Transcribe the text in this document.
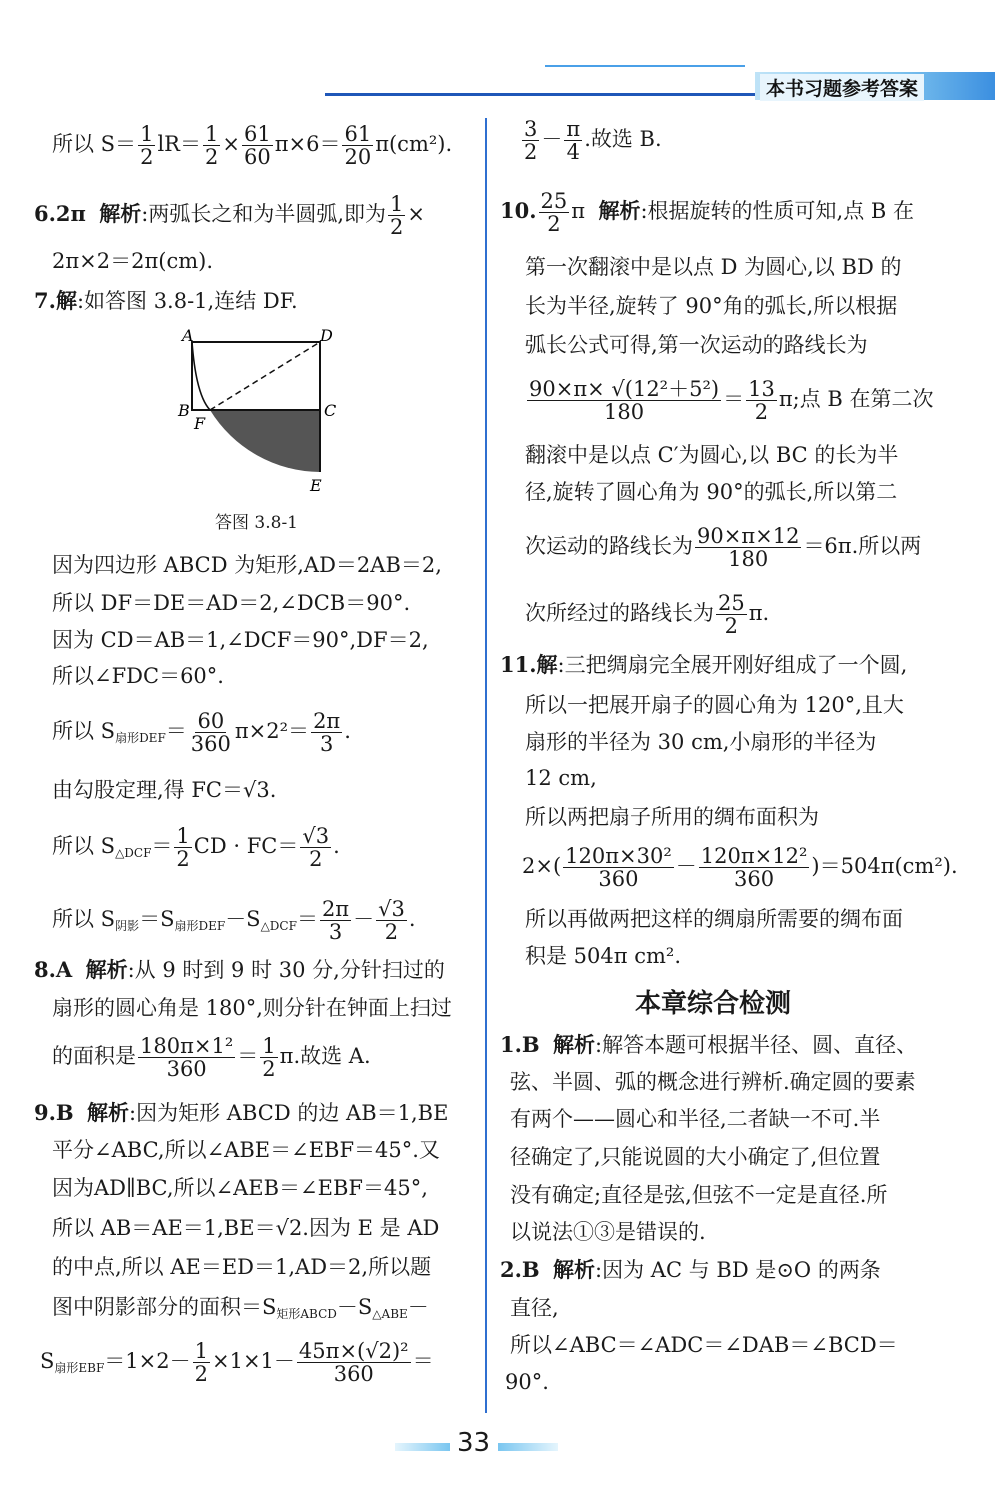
本书习题参考答案
所以 $S= \frac{1}{2} lR= \frac{1}{2} \times \frac{61}{60} \pi\times 6= \frac{61}{20} \pi(cm^2)$.
6.2π 解析:两弧长之和为半圆弧,即为 $\frac{1}{2}$ ×
2π×2＝2π(cm).
7.解:如答图 3.8-1,连结 DF.
A	D
B
F
C
E
答图 3.8-1
因为四边形 ABCD 为矩形,AD＝2AB＝2,
所以 DF＝DE＝AD＝2,∠DCB＝90°.
因为 CD＝AB＝1,∠DCF＝90°,DF＝2,
所以∠FDC＝60°.
所以 $S_{扇形DEF}= \frac{60}{360} \pi\times 2^2= \frac{2\pi}{3}$ .
由勾股定理,得 FC＝√3.
所以 $S_{\triangle DCF}= \frac{1}{2}$ CD · $FC= \frac{√3}{2}$ .
所以 $S_{阴影}=S_{扇形DEF}-S_{\triangle DCF}= \frac{2\pi}{3} - \frac{√3}{2}$ .
8.A 解析:从 9 时到 9 时 30 分,分针扫过的
扇形的圆心角是 180°,则分针在钟面上扫过
的面积是 $\frac{\text{180π×1²}}{360} = \frac{1}{2} \pi$.故选 A.
9.B 解析:因为矩形 ABCD 的边 AB＝1,BE
平分∠ABC,所以∠ABE＝∠EBF＝45°.又
因为AD∥BC,所以∠AEB＝∠EBF＝45°,
所以 AB＝AE＝1,BE＝√2.因为 E 是 AD
的中点,所以 AE＝ED＝1,AD＝2,所以题
图中阴影部分的面积$=S_{矩形ABCD}-S_{\triangle ABE}-$
$S_{扇形EBF}=1\times 2- \frac{1}{2} \times 1\times 1- \frac{\text{45π×(√2)²}}{360}$ ＝
$\frac{3}{2} - \frac{\pi}{4}$ .故选 B.
10. $\frac{25}{2}$ π 解析:根据旋转的性质可知,点 B 在
第一次翻滚中是以点 D 为圆心,以 BD 的
长为半径,旋转了 90°角的弧长,所以根据
弧长公式可得,第一次运动的路线长为
$\frac{\text{90×π× √(12²＋5²)}}{180} = \frac{13}{2} \pi$;点 B 在第二次
翻滚中是以点 C′为圆心,以 BC 的长为半
径,旋转了圆心角为 90°的弧长,所以第二
次运动的路线长为 $\frac{90\times\pi\times 12}{180} =6\pi$.所以两
次所经过的路线长为 $\frac{25}{2} \pi$.
11.解:三把绸扇完全展开刚好组成了一个圆,
所以一把展开扇子的圆心角为 120°,且大
扇形的半径为 30 cm,小扇形的半径为
12 cm,
所以两把扇子所用的绸布面积为
$2\times( \frac{\text{120π×30²}}{360} - \frac{\text{120π×12²}}{360} )=504\pi(cm^2)$.
所以再做两把这样的绸扇所需要的绸布面
积是 504π cm².
本章综合检测
1.B 解析:解答本题可根据半径、圆、直径、
弦、半圆、弧的概念进行辨析.确定圆的要素
有两个——圆心和半径,二者缺一不可.半
径确定了,只能说圆的大小确定了,但位置
没有确定;直径是弦,但弦不一定是直径.所
以说法①③是错误的.
2.B 解析:因为 AC 与 BD 是⊙O 的两条
直径,
所以∠ABC＝∠ADC＝∠DAB＝∠BCD＝
90°.
33
